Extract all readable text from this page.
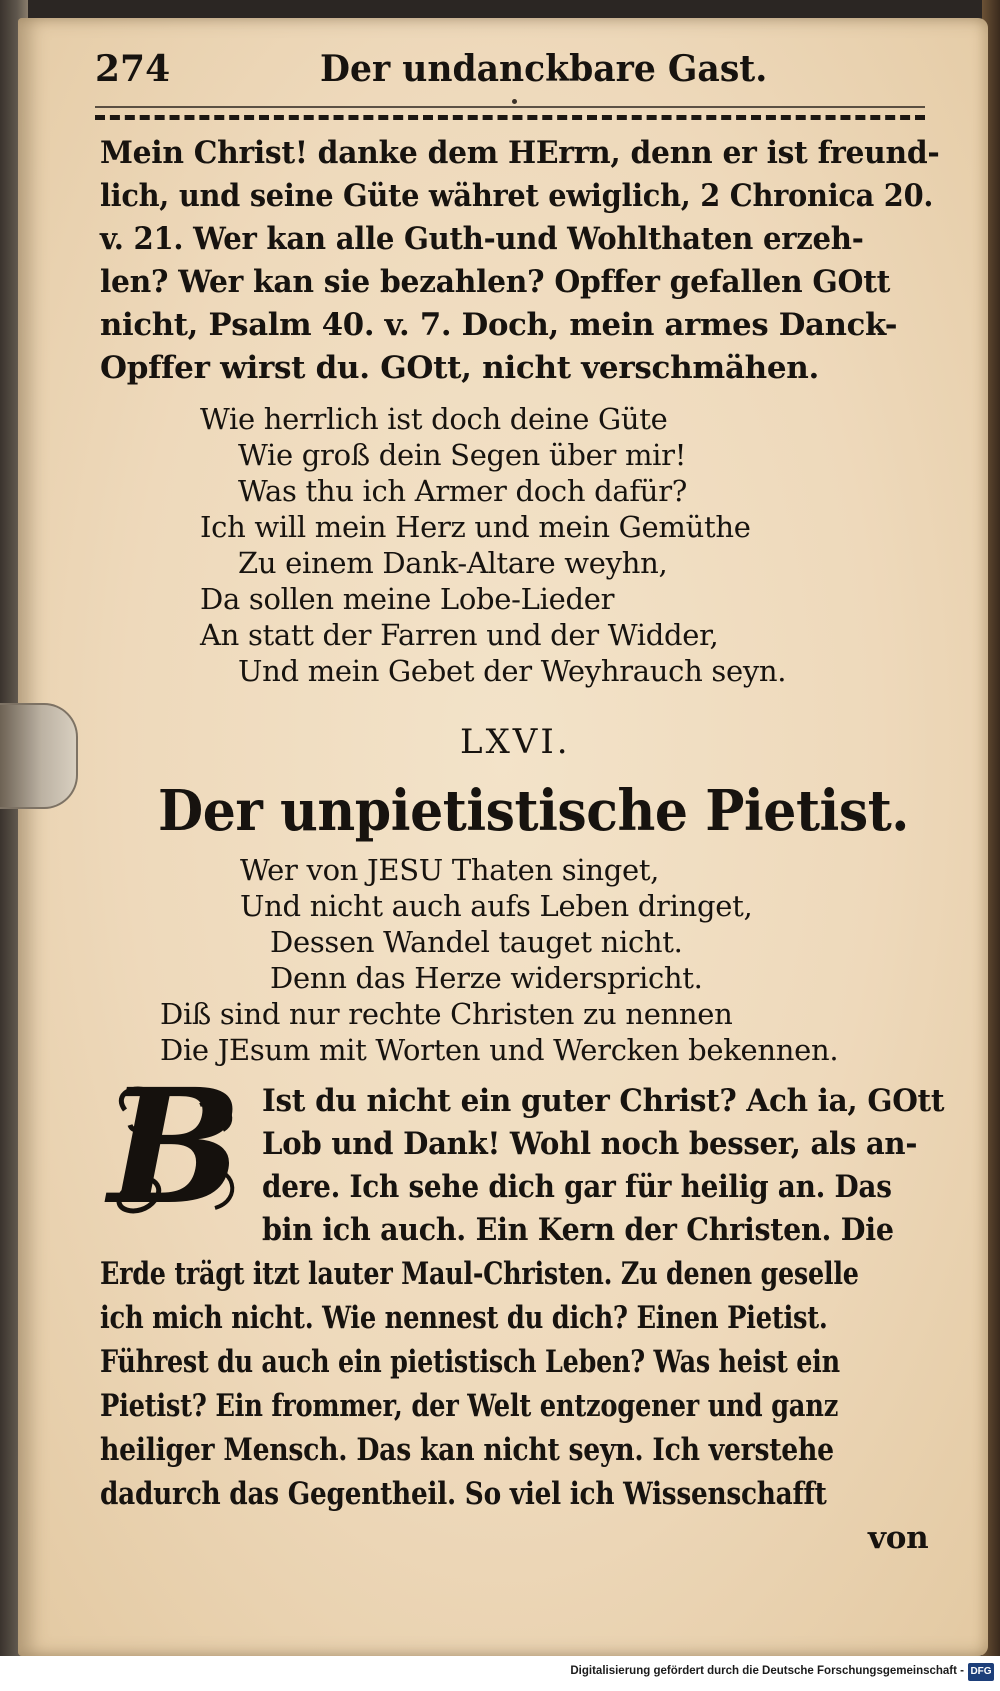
274	Der undanckbare Gast.
Mein Christ! danke dem HErrn, denn er ist freund-
lich, und seine Güte währet ewiglich, 2 Chronica 20.
v. 21. Wer kan alle Guth-und Wohlthaten erzeh-
len? Wer kan sie bezahlen? Opffer gefallen GOtt
nicht, Psalm 40. v. 7. Doch, mein armes Danck-
Opffer wirst du. GOtt, nicht verschmähen.
Wie herrlich ist doch deine Güte
Wie groß dein Segen über mir!
Was thu ich Armer doch dafür?
Ich will mein Herz und mein Gemüthe
Zu einem Dank-Altare weyhn,
Da sollen meine Lobe-Lieder
An statt der Farren und der Widder,
Und mein Gebet der Weyhrauch seyn.
LXVI.
Der unpietistische Pietist.
Wer von JESU Thaten singet,
Und nicht auch aufs Leben dringet,
Dessen Wandel tauget nicht.
Denn das Herze widerspricht.
Diß sind nur rechte Christen zu nennen
Die JEsum mit Worten und Wercken bekennen.
B Ist du nicht ein guter Christ? Ach ia, GOtt
Lob und Dank! Wohl noch besser, als an-
dere. Ich sehe dich gar für heilig an. Das
bin ich auch. Ein Kern der Christen. Die
Erde trägt itzt lauter Maul-Christen. Zu denen geselle
ich mich nicht. Wie nennest du dich? Einen Pietist.
Führest du auch ein pietistisch Leben? Was heist ein
Pietist? Ein frommer, der Welt entzogener und ganz
heiliger Mensch. Das kan nicht seyn. Ich verstehe
dadurch das Gegentheil. So viel ich Wissenschafft
von
Digitalisierung gefördert durch die Deutsche Forschungsgemeinschaft - DFG
